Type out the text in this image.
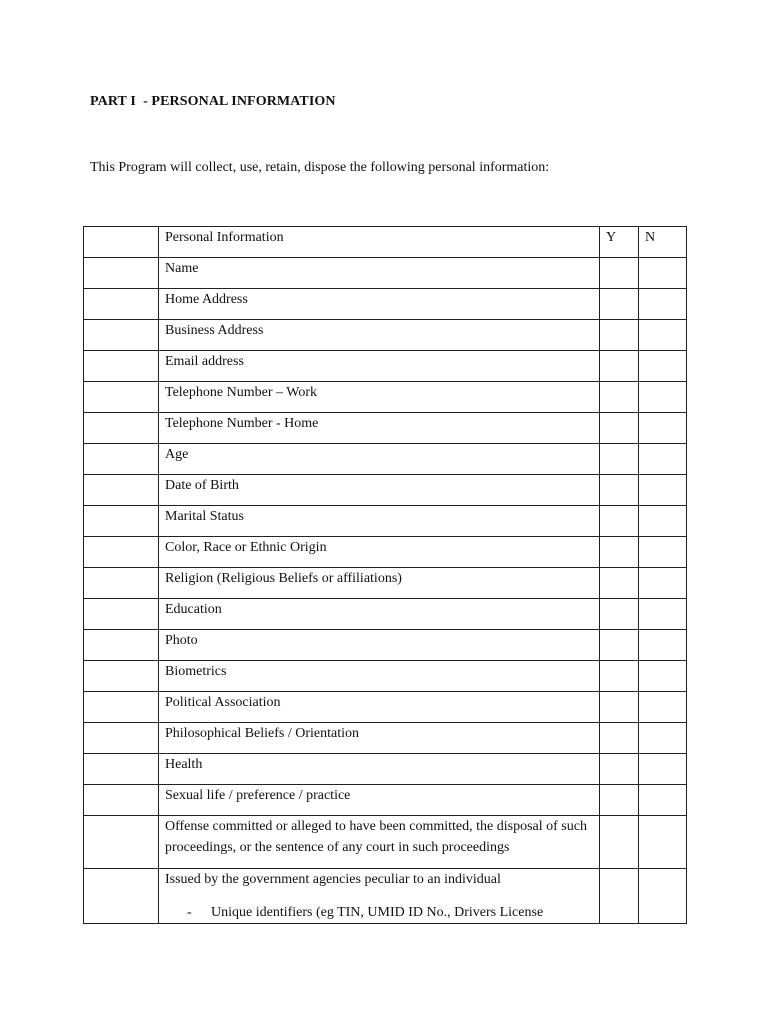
PART I  - PERSONAL INFORMATION
This Program will collect, use, retain, dispose the following personal information:
	Personal Information	Y	N
	Name		
	Home Address		
	Business Address		
	Email address		
	Telephone Number – Work		
	Telephone Number - Home		
	Age		
	Date of Birth		
	Marital Status		
	Color, Race or Ethnic Origin		
	Religion (Religious Beliefs or affiliations)		
	Education		
	Photo		
	Biometrics		
	Political Association		
	Philosophical Beliefs / Orientation		
	Health		
	Sexual life / preference / practice		
	Offense committed or alleged to have been committed, the disposal of such proceedings, or the sentence of any court in such proceedings		
	Issued by the government agencies peculiar to an individual
- Unique identifiers (eg TIN, UMID ID No., Drivers License		
